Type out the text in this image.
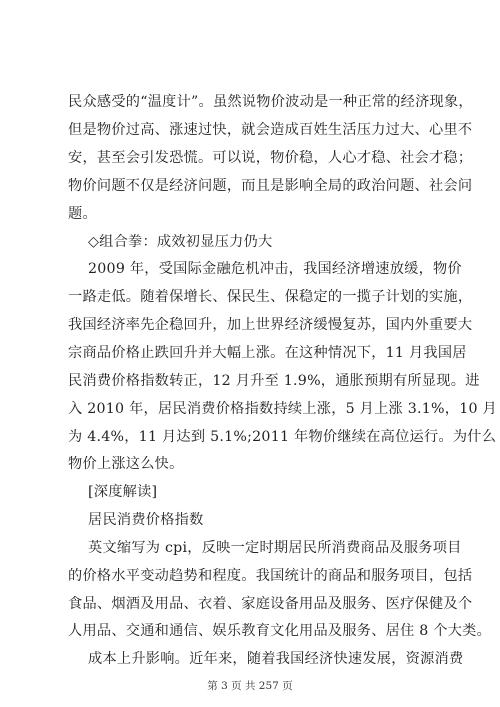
民众感受的“温度计”。虽然说物价波动是一种正常的经济现象，
但是物价过高、涨速过快，就会造成百姓生活压力过大、心里不
安，甚至会引发恐慌。可以说，物价稳，人心才稳、社会才稳；
物价问题不仅是经济问题，而且是影响全局的政治问题、社会问
题。
◇组合拳：成效初显压力仍大
2009 年，受国际金融危机冲击，我国经济增速放缓，物价
一路走低。随着保增长、保民生、保稳定的一揽子计划的实施，
我国经济率先企稳回升，加上世界经济缓慢复苏，国内外重要大
宗商品价格止跌回升并大幅上涨。在这种情况下，11 月我国居
民消费价格指数转正，12 月升至 1.9%，通胀预期有所显现。进
入 2010 年，居民消费价格指数持续上涨，5 月上涨 3.1%，10 月
为 4.4%，11 月达到 5.1%;2011 年物价继续在高位运行。为什么
物价上涨这么快。
[深度解读]
居民消费价格指数
英文缩写为 cpi，反映一定时期居民所消费商品及服务项目
的价格水平变动趋势和程度。我国统计的商品和服务项目，包括
食品、烟酒及用品、衣着、家庭设备用品及服务、医疗保健及个
人用品、交通和通信、娱乐教育文化用品及服务、居住 8 个大类。
成本上升影响。近年来，随着我国经济快速发展，资源消费
第 3 页 共 257 页
